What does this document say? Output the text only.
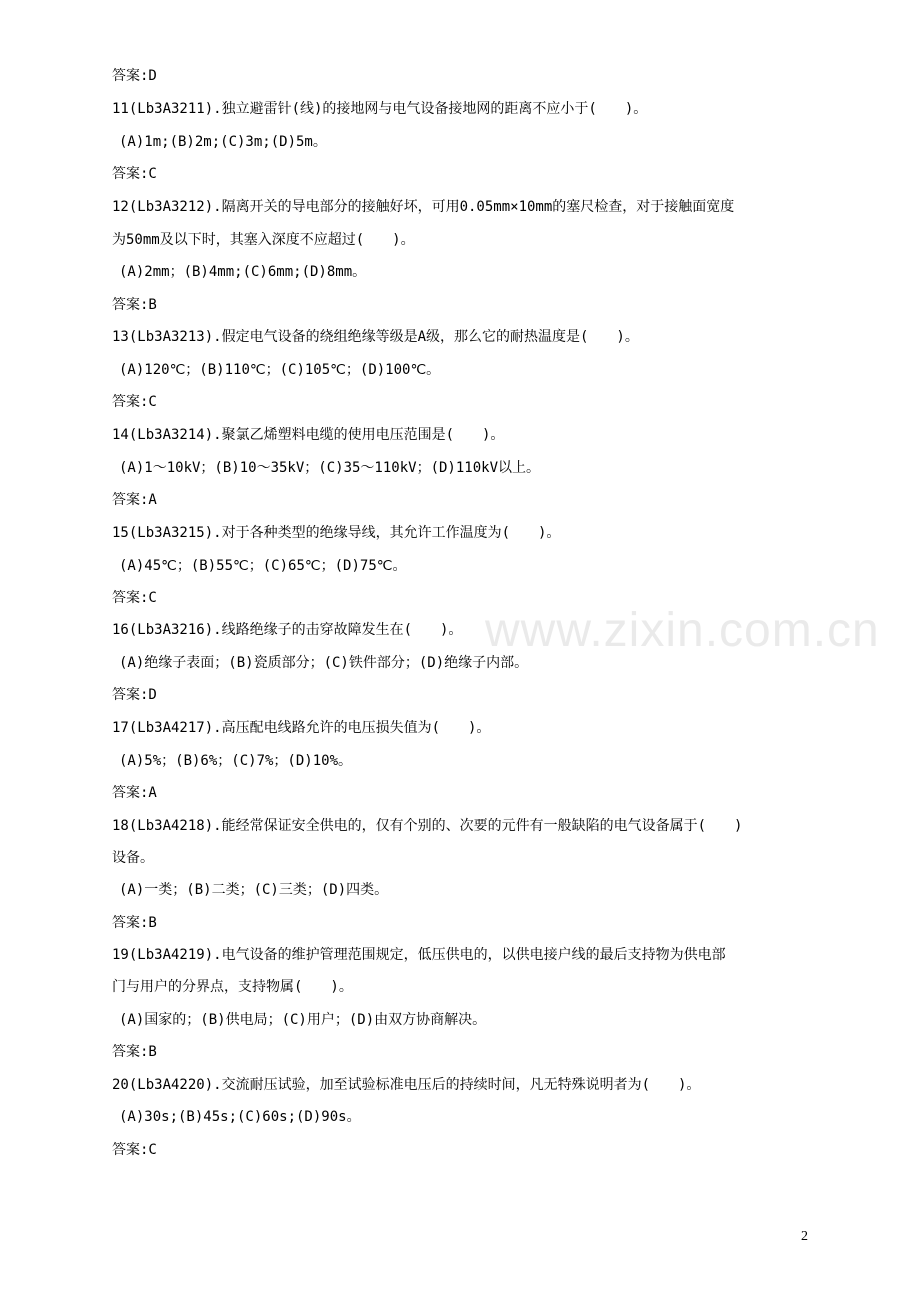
答案:D
11(Lb3A3211).独立避雷针(线)的接地网与电气设备接地网的距离不应小于(　　)。
(A)1m;(B)2m;(C)3m;(D)5m。
答案:C
12(Lb3A3212).隔离开关的导电部分的接触好坏，可用0.05mm×10mm的塞尺检查，对于接触面宽度
为50mm及以下时，其塞入深度不应超过(　　)。
(A)2mm；(B)4mm;(C)6mm;(D)8mm。
答案:B
13(Lb3A3213).假定电气设备的绕组绝缘等级是A级，那么它的耐热温度是(　　)。
(A)120℃；(B)110℃；(C)105℃；(D)100℃。
答案:C
14(Lb3A3214).聚氯乙烯塑料电缆的使用电压范围是(　　)。
(A)1～10kV；(B)10～35kV；(C)35～110kV；(D)110kV以上。
答案:A
15(Lb3A3215).对于各种类型的绝缘导线，其允许工作温度为(　　)。
(A)45℃；(B)55℃；(C)65℃；(D)75℃。
答案:C
16(Lb3A3216).线路绝缘子的击穿故障发生在(　　)。
(A)绝缘子表面；(B)瓷质部分；(C)铁件部分；(D)绝缘子内部。
答案:D
17(Lb3A4217).高压配电线路允许的电压损失值为(　　)。
(A)5%；(B)6%；(C)7%；(D)10%。
答案:A
18(Lb3A4218).能经常保证安全供电的，仅有个别的、次要的元件有一般缺陷的电气设备属于(　　)
设备。
(A)一类；(B)二类；(C)三类；(D)四类。
答案:B
19(Lb3A4219).电气设备的维护管理范围规定，低压供电的，以供电接户线的最后支持物为供电部
门与用户的分界点，支持物属(　　)。
(A)国家的；(B)供电局；(C)用户；(D)由双方协商解决。
答案:B
20(Lb3A4220).交流耐压试验，加至试验标准电压后的持续时间，凡无特殊说明者为(　　)。
(A)30s;(B)45s;(C)60s;(D)90s。
答案:C
www.zixin.com.cn
2
